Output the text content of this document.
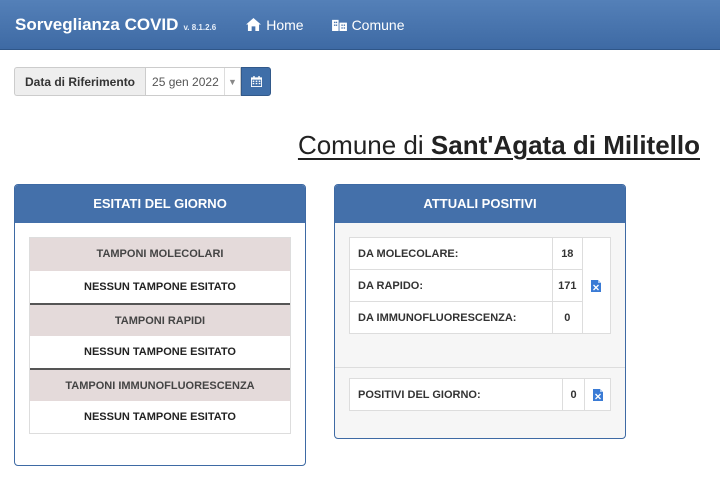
Sorveglianza COVID v. 8.1.2.6	Home	Comune
Data di Riferimento	25 gen 2022	▼
Comune di Sant'Agata di Militello
ESITATI DEL GIORNO
TAMPONI MOLECOLARI
NESSUN TAMPONE ESITATO
TAMPONI RAPIDI
NESSUN TAMPONE ESITATO
TAMPONI IMMUNOFLUORESCENZA
NESSUN TAMPONE ESITATO
ATTUALI POSITIVI
DA MOLECOLARE:	18	
DA RAPIDO:	171	
DA IMMUNOFLUORESCENZA:	0	
POSITIVI DEL GIORNO:	0	
